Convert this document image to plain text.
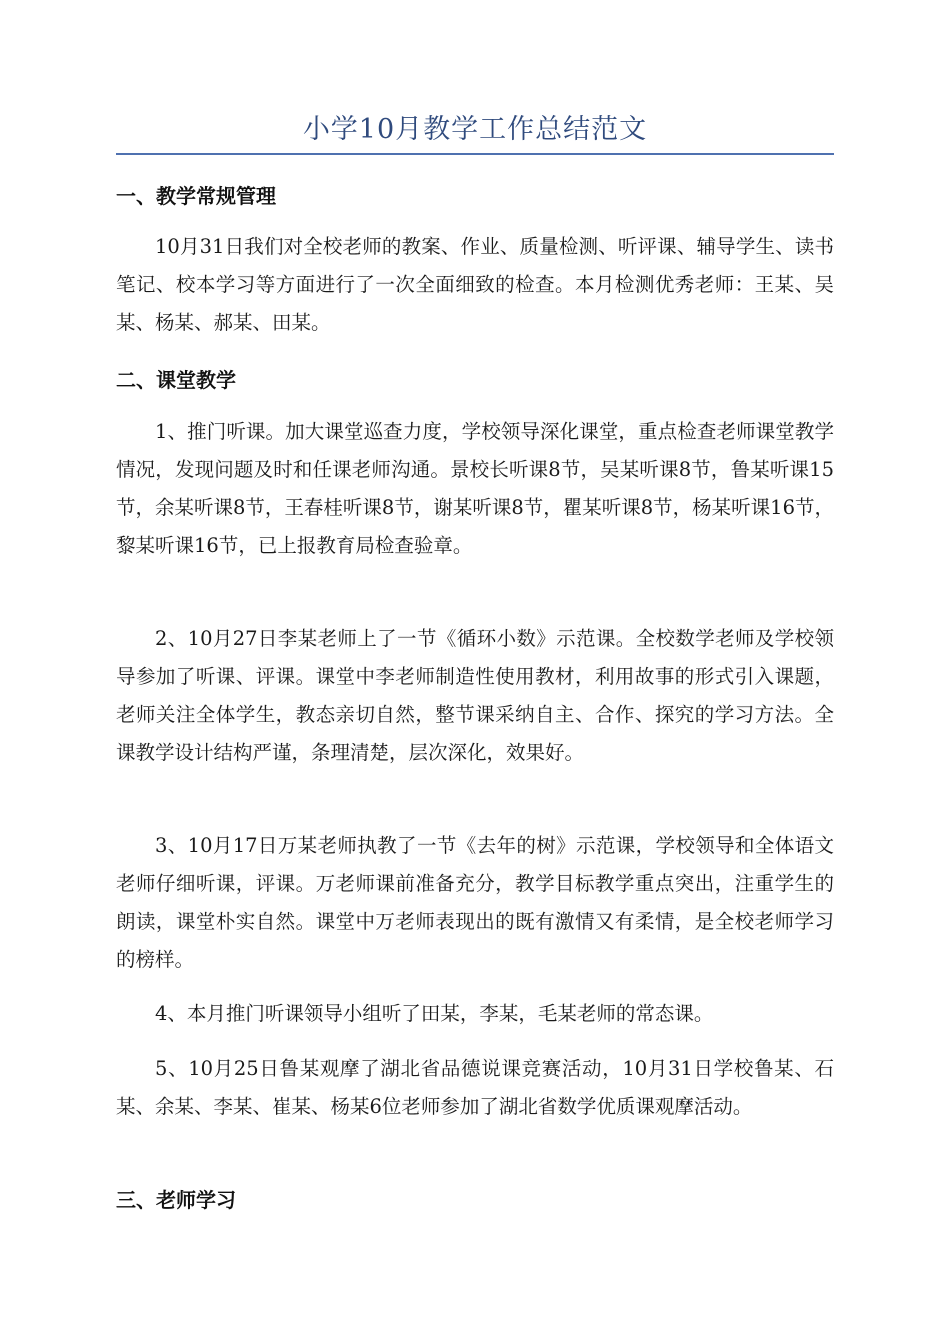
小学10月教学工作总结范文
一、教学常规管理

10月31日我们对全校老师的教案、作业、质量检测、听评课、辅导学生、读书笔记、校本学习等方面进行了一次全面细致的检查。本月检测优秀老师：王某、吴某、杨某、郝某、田某。

二、课堂教学

1、推门听课。加大课堂巡查力度，学校领导深化课堂，重点检查老师课堂教学情况，发现问题及时和任课老师沟通。景校长听课8节，吴某听课8节，鲁某听课15节，余某听课8节，王春桂听课8节，谢某听课8节，瞿某听课8节，杨某听课16节，黎某听课16节，已上报教育局检查验章。

2、10月27日李某老师上了一节《循环小数》示范课。全校数学老师及学校领导参加了听课、评课。课堂中李老师制造性使用教材，利用故事的形式引入课题，老师关注全体学生，教态亲切自然，整节课采纳自主、合作、探究的学习方法。全课教学设计结构严谨，条理清楚，层次深化，效果好。

3、10月17日万某老师执教了一节《去年的树》示范课，学校领导和全体语文老师仔细听课，评课。万老师课前准备充分，教学目标教学重点突出，注重学生的朗读，课堂朴实自然。课堂中万老师表现出的既有激情又有柔情，是全校老师学习的榜样。

4、本月推门听课领导小组听了田某，李某，毛某老师的常态课。

5、10月25日鲁某观摩了湖北省品德说课竞赛活动，10月31日学校鲁某、石某、余某、李某、崔某、杨某6位老师参加了湖北省数学优质课观摩活动。

三、老师学习
